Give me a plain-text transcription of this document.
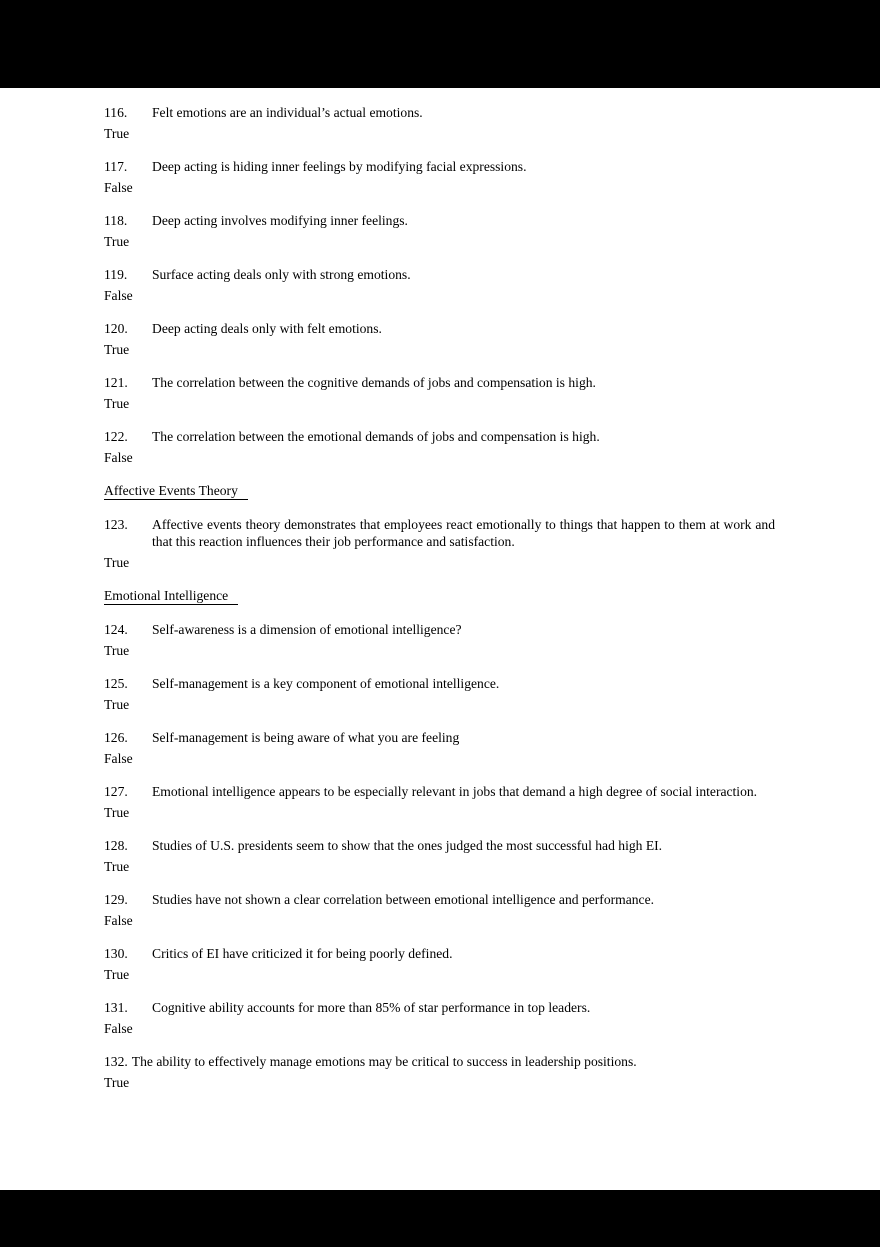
116. Felt emotions are an individual’s actual emotions.

True
117. Deep acting is hiding inner feelings by modifying facial expressions.

False
118. Deep acting involves modifying inner feelings.

True
119. Surface acting deals only with strong emotions.

False
120. Deep acting deals only with felt emotions.

True
121. The correlation between the cognitive demands of jobs and compensation is high.

True
122. The correlation between the emotional demands of jobs and compensation is high.

False
Affective Events Theory
123. Affective events theory demonstrates that employees react emotionally to things that happen to them at work and that this reaction influences their job performance and satisfaction.

True
Emotional Intelligence
124. Self-awareness is a dimension of emotional intelligence?

True
125. Self-management is a key component of emotional intelligence.

True
126. Self-management is being aware of what you are feeling

False
127. Emotional intelligence appears to be especially relevant in jobs that demand a high degree of social interaction.

True
128. Studies of U.S. presidents seem to show that the ones judged the most successful had high EI.

True
129. Studies have not shown a clear correlation between emotional intelligence and performance.

False
130. Critics of EI have criticized it for being poorly defined.

True
131. Cognitive ability accounts for more than 85% of star performance in top leaders.

False
132. The ability to effectively manage emotions may be critical to success in leadership positions.

True
